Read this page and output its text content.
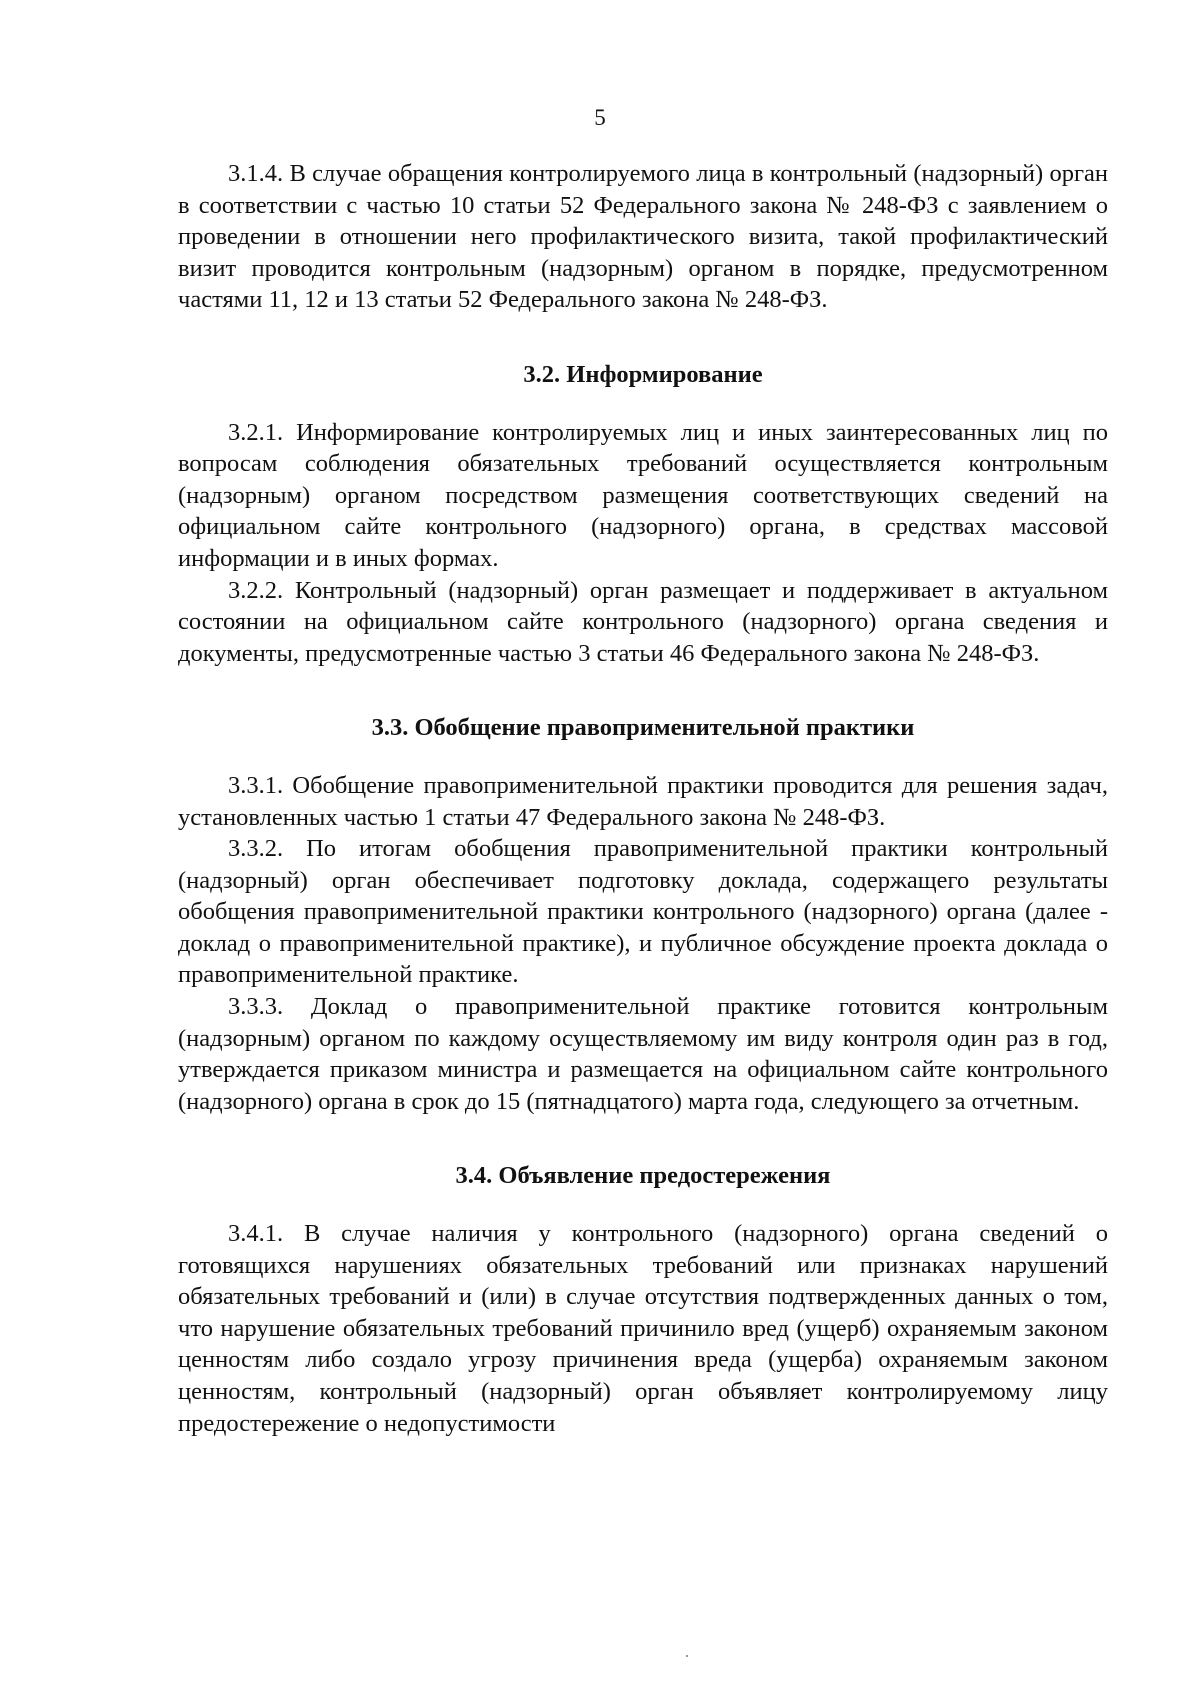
5

3.1.4. В случае обращения контролируемого лица в контрольный (надзорный) орган в соответствии с частью 10 статьи 52 Федерального закона № 248-ФЗ с заявлением о проведении в отношении него профилактического визита, такой профилактический визит проводится контрольным (надзорным) органом в порядке, предусмотренном частями 11, 12 и 13 статьи 52 Федерального закона № 248-ФЗ.

3.2. Информирование

3.2.1. Информирование контролируемых лиц и иных заинтересованных лиц по вопросам соблюдения обязательных требований осуществляется контрольным (надзорным) органом посредством размещения соответствующих сведений на официальном сайте контрольного (надзорного) органа, в средствах массовой информации и в иных формах.

3.2.2. Контрольный (надзорный) орган размещает и поддерживает в актуальном состоянии на официальном сайте контрольного (надзорного) органа сведения и документы, предусмотренные частью 3 статьи 46 Федерального закона № 248-ФЗ.

3.3. Обобщение правоприменительной практики

3.3.1. Обобщение правоприменительной практики проводится для решения задач, установленных частью 1 статьи 47 Федерального закона № 248-ФЗ.

3.3.2. По итогам обобщения правоприменительной практики контрольный (надзорный) орган обеспечивает подготовку доклада, содержащего результаты обобщения правоприменительной практики контрольного (надзорного) органа (далее - доклад о правоприменительной практике), и публичное обсуждение проекта доклада о правоприменительной практике.

3.3.3. Доклад о правоприменительной практике готовится контрольным (надзорным) органом по каждому осуществляемому им виду контроля один раз в год, утверждается приказом министра и размещается на официальном сайте контрольного (надзорного) органа в срок до 15 (пятнадцатого) марта года, следующего за отчетным.

3.4. Объявление предостережения

3.4.1. В случае наличия у контрольного (надзорного) органа сведений о готовящихся нарушениях обязательных требований или признаках нарушений обязательных требований и (или) в случае отсутствия подтвержденных данных о том, что нарушение обязательных требований причинило вред (ущерб) охраняемым законом ценностям либо создало угрозу причинения вреда (ущерба) охраняемым законом ценностям, контрольный (надзорный) орган объявляет контролируемому лицу предостережение о недопустимости
